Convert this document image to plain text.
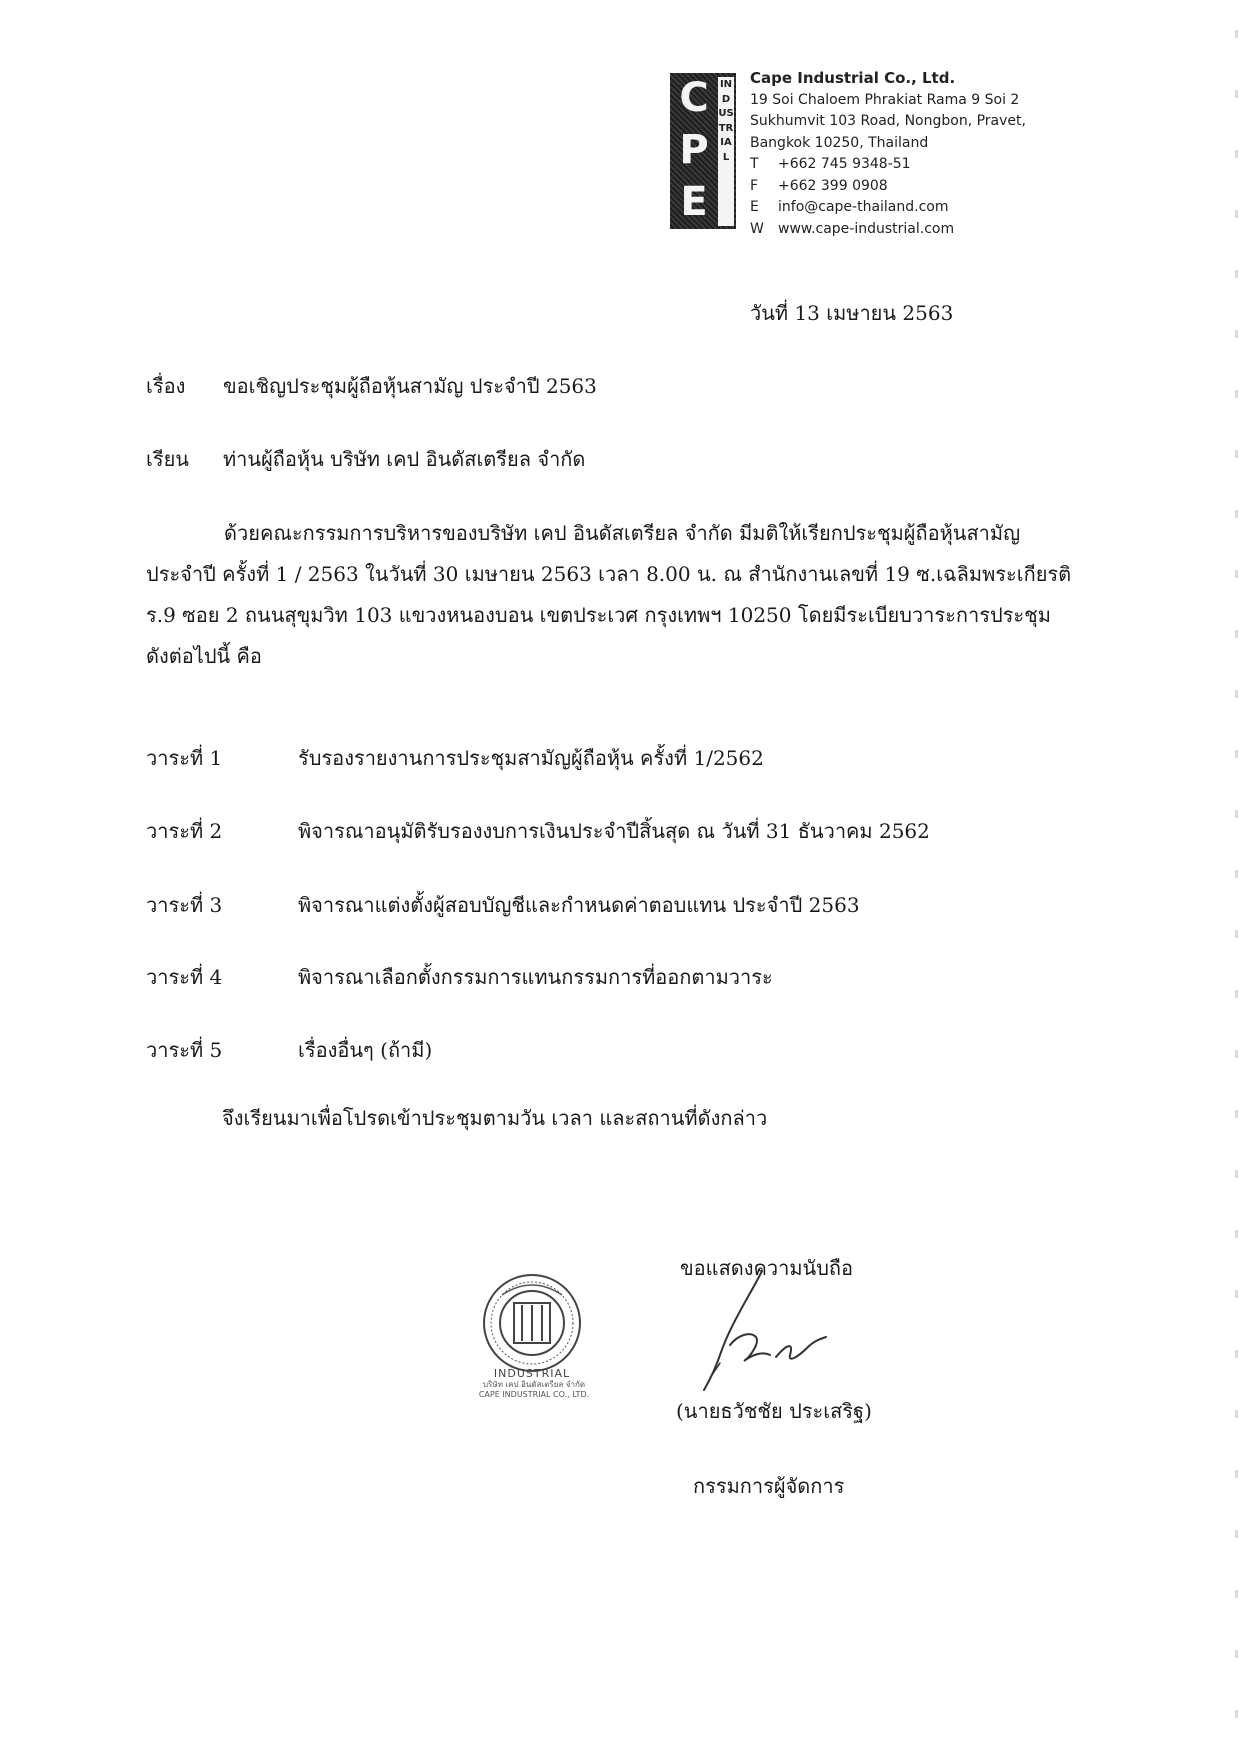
C
P
E
INDUSTRIAL
Cape Industrial Co., Ltd.
19 Soi Chaloem Phrakiat Rama 9 Soi 2
Sukhumvit 103 Road, Nongbon, Pravet,
Bangkok 10250, Thailand
T +662 745 9348-51
F +662 399 0908
E info@cape-thailand.com
W www.cape-industrial.com
วันที่ 13 เมษายน 2563
เรื่อง ขอเชิญประชุมผู้ถือหุ้นสามัญ ประจำปี 2563
เรียน ท่านผู้ถือหุ้น บริษัท เคป อินดัสเตรียล จำกัด
ด้วยคณะกรรมการบริหารของบริษัท เคป อินดัสเตรียล จำกัด มีมติให้เรียกประชุมผู้ถือหุ้นสามัญ
ประจำปี ครั้งที่ 1 / 2563 ในวันที่ 30 เมษายน 2563 เวลา 8.00 น. ณ สำนักงานเลขที่ 19 ซ.เฉลิมพระเกียรติ
ร.9 ซอย 2 ถนนสุขุมวิท 103 แขวงหนองบอน เขตประเวศ กรุงเทพฯ 10250 โดยมีระเบียบวาระการประชุม
ดังต่อไปนี้ คือ
วาระที่ 1	รับรองรายงานการประชุมสามัญผู้ถือหุ้น ครั้งที่ 1/2562
วาระที่ 2	พิจารณาอนุมัติรับรองงบการเงินประจำปีสิ้นสุด ณ วันที่ 31 ธันวาคม 2562
วาระที่ 3	พิจารณาแต่งตั้งผู้สอบบัญชีและกำหนดค่าตอบแทน ประจำปี 2563
วาระที่ 4	พิจารณาเลือกตั้งกรรมการแทนกรรมการที่ออกตามวาระ
วาระที่ 5	เรื่องอื่นๆ (ถ้ามี)
จึงเรียนมาเพื่อโปรดเข้าประชุมตามวัน เวลา และสถานที่ดังกล่าว
ขอแสดงความนับถือ
INDUSTRIAL
บริษัท เคป อินดัสเตรียล จำกัด
CAPE INDUSTRIAL CO., LTD.
(นายธวัชชัย ประเสริฐ)
กรรมการผู้จัดการ
